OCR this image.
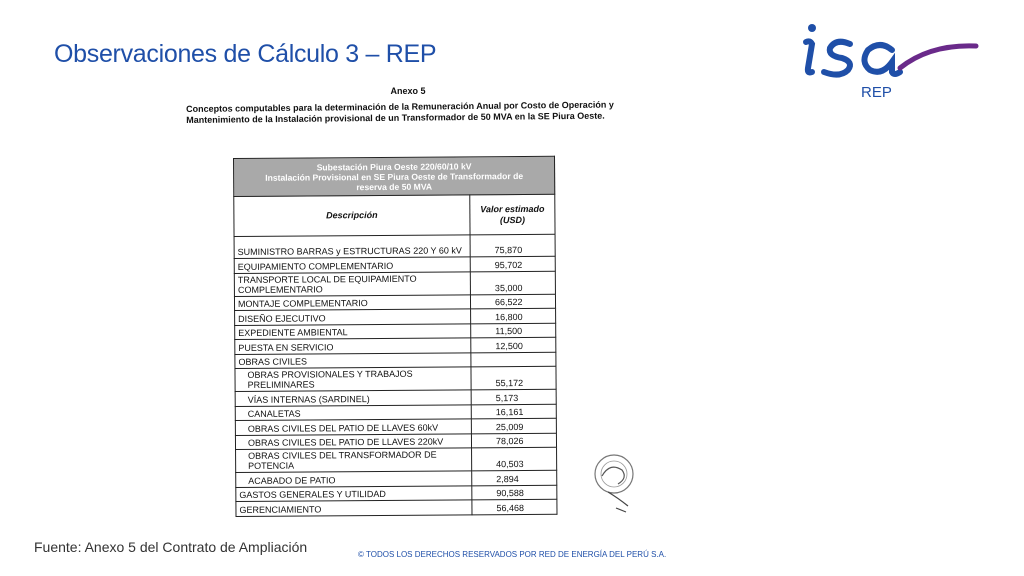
Observaciones de Cálculo 3 – REP
REP
Anexo 5
Conceptos computables para la determinación de la Remuneración Anual por Costo de Operación y
Mantenimiento de la Instalación provisional de un Transformador de 50 MVA en la SE Piura Oeste.
Subestación Piura Oeste 220/60/10 kV
Instalación Provisional en SE Piura Oeste de Transformador de
reserva de 50 MVA	

Descripción	Valor estimado
(USD)

SUMINISTRO BARRAS y ESTRUCTURAS 220 Y 60 kV	75,870
EQUIPAMIENTO COMPLEMENTARIO	95,702
TRANSPORTE LOCAL DE EQUIPAMIENTO COMPLEMENTARIO	35,000
MONTAJE COMPLEMENTARIO	66,522
DISEÑO EJECUTIVO	16,800
EXPEDIENTE AMBIENTAL	11,500
PUESTA EN SERVICIO	12,500
OBRAS CIVILES	
OBRAS PROVISIONALES Y TRABAJOS PRELIMINARES	55,172
VÍAS INTERNAS (SARDINEL)	5,173
CANALETAS	16,161
OBRAS CIVILES DEL PATIO DE LLAVES 60kV	25,009
OBRAS CIVILES DEL PATIO DE LLAVES 220kV	78,026
OBRAS CIVILES DEL TRANSFORMADOR DE POTENCIA	40,503
ACABADO DE PATIO	2,894
GASTOS GENERALES Y UTILIDAD	90,588
GERENCIAMIENTO	56,468
Fuente: Anexo 5 del Contrato de Ampliación	© TODOS LOS DERECHOS RESERVADOS POR RED DE ENERGÍA DEL PERÚ S.A.
